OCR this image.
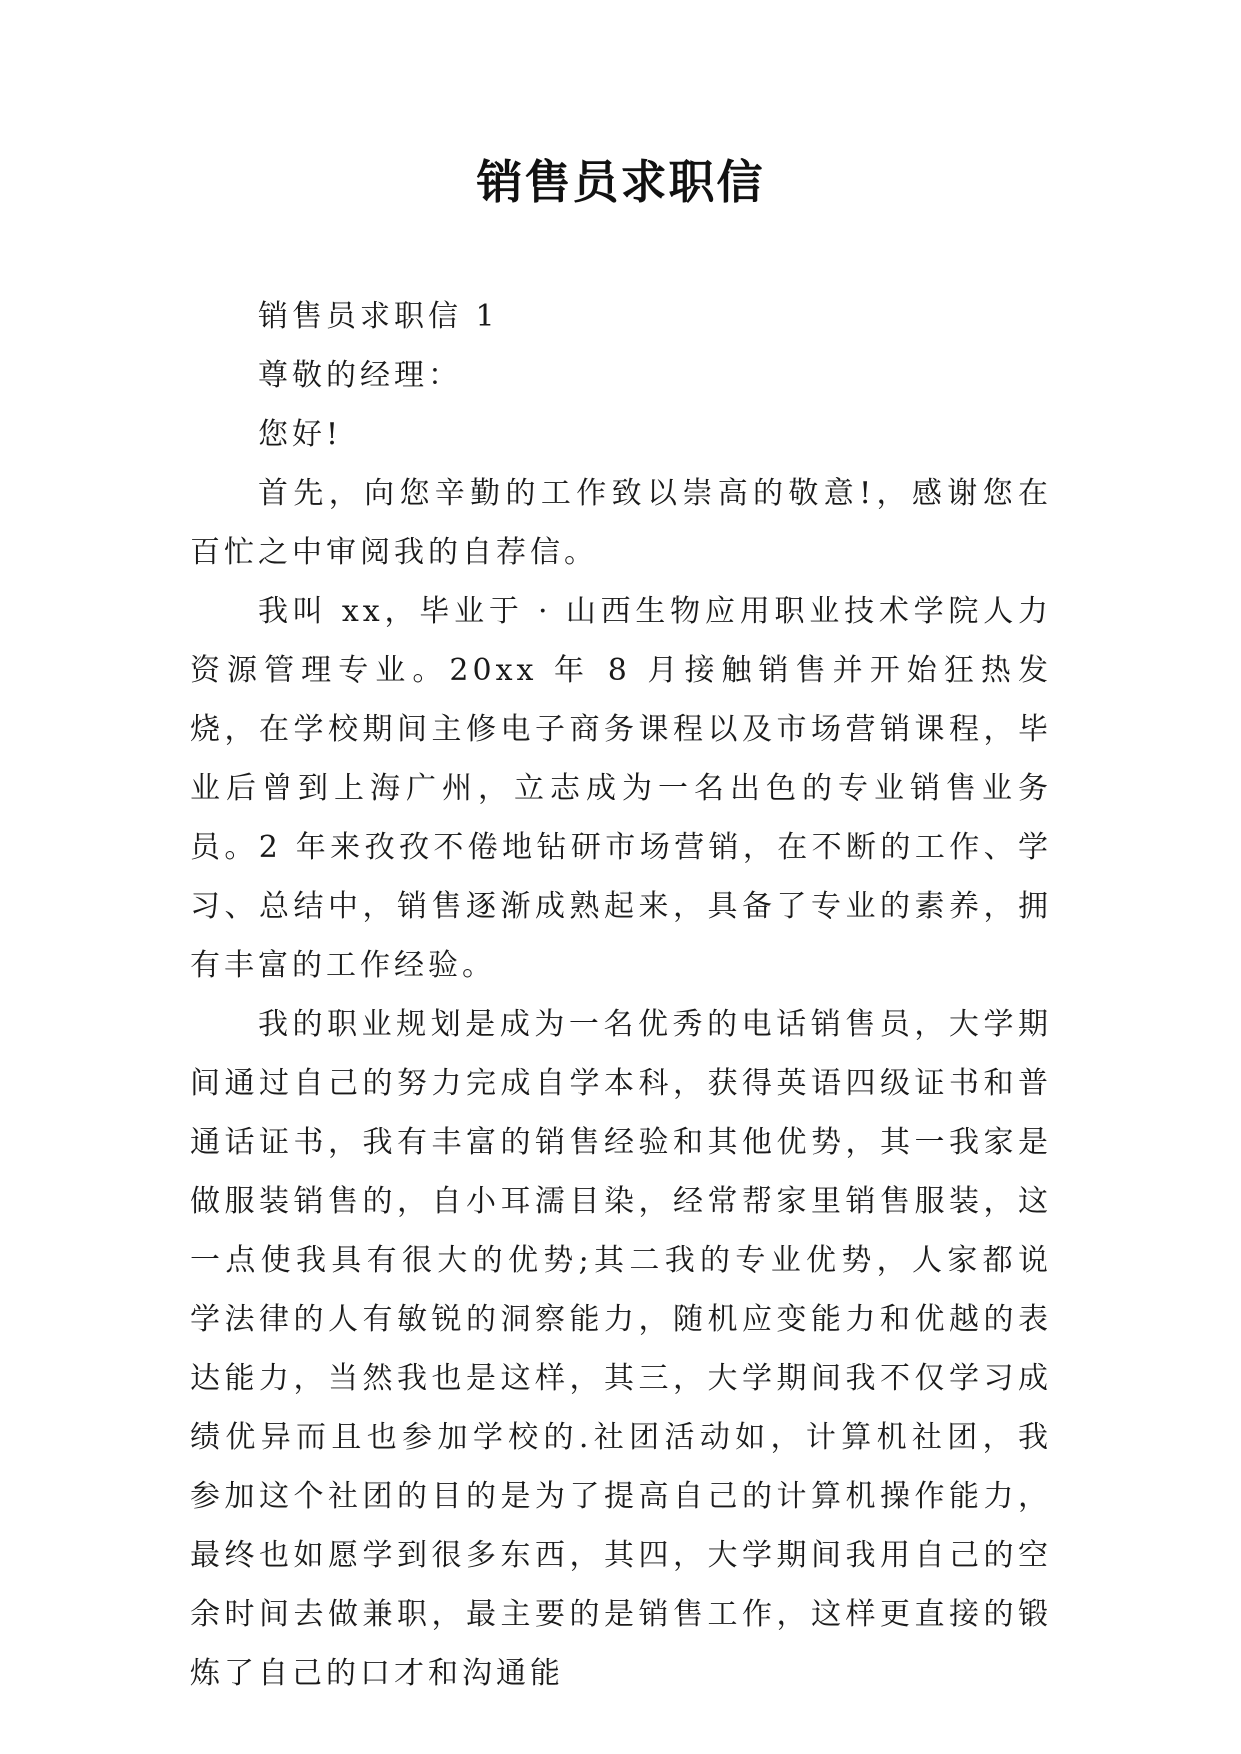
销售员求职信

销售员求职信 1

尊敬的经理：

您好!

首先，向您辛勤的工作致以崇高的敬意!，感谢您在百忙之中审阅我的自荐信。

我叫 xx，毕业于 · 山西生物应用职业技术学院人力资源管理专业。20xx 年 8 月接触销售并开始狂热发烧，在学校期间主修电子商务课程以及市场营销课程，毕业后曾到上海广州，立志成为一名出色的专业销售业务员。2 年来孜孜不倦地钻研市场营销，在不断的工作、学习、总结中，销售逐渐成熟起来，具备了专业的素养，拥有丰富的工作经验。

我的职业规划是成为一名优秀的电话销售员，大学期间通过自己的努力完成自学本科，获得英语四级证书和普通话证书，我有丰富的销售经验和其他优势，其一我家是做服装销售的，自小耳濡目染，经常帮家里销售服装，这一点使我具有很大的优势;其二我的专业优势，人家都说学法律的人有敏锐的洞察能力，随机应变能力和优越的表达能力，当然我也是这样，其三，大学期间我不仅学习成绩优异而且也参加学校的.社团活动如，计算机社团，我参加这个社团的目的是为了提高自己的计算机操作能力，最终也如愿学到很多东西，其四，大学期间我用自己的空余时间去做兼职，最主要的是销售工作，这样更直接的锻炼了自己的口才和沟通能
